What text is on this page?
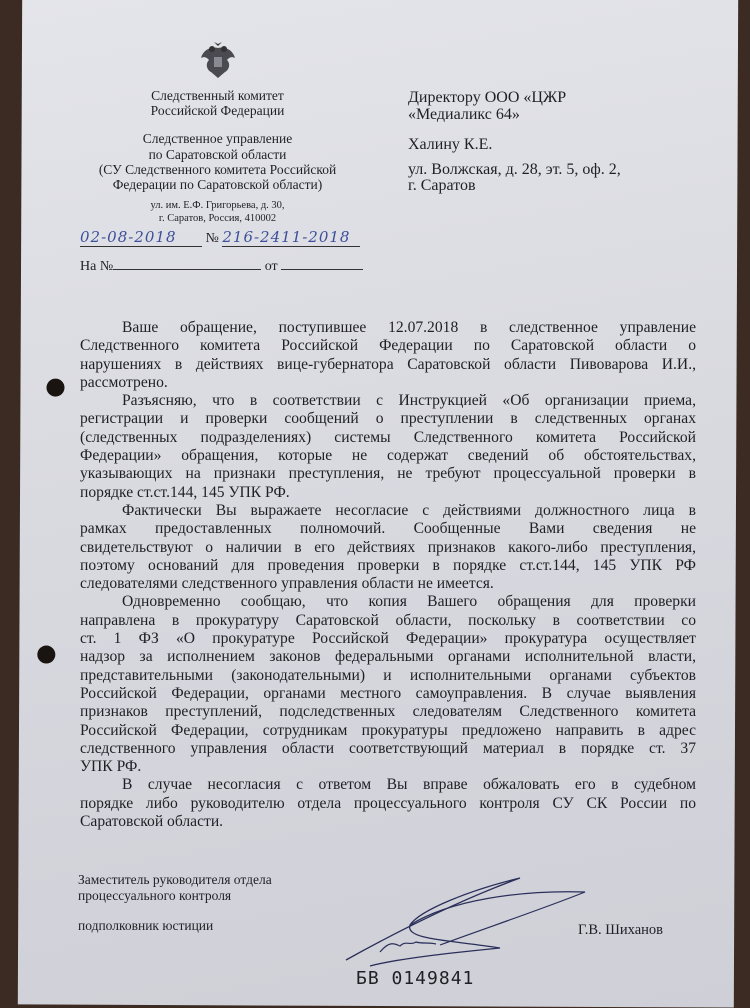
Следственный комитет
Российской Федерации
Следственное управление
по Саратовской области
(СУ Следственного комитета Российской
Федерации по Саратовской области)
ул. им. Е.Ф. Григорьева, д. 30,
г. Саратов, Россия, 410002
02-08-2018 № 216-2411-2018
На №	от
Директору ООО «ЦЖР
«Медиаликс 64»
Халину К.Е.
ул. Волжская, д. 28, эт. 5, оф. 2,
г. Саратов
Ваше обращение, поступившее 12.07.2018 в следственное управление
Следственного комитета Российской Федерации по Саратовской области о
нарушениях в действиях вице-губернатора Саратовской области Пивоварова И.И.,
рассмотрено.
Разъясняю, что в соответствии с Инструкцией «Об организации приема,
регистрации и проверки сообщений о преступлении в следственных органах
(следственных подразделениях) системы Следственного комитета Российской
Федерации» обращения, которые не содержат сведений об обстоятельствах,
указывающих на признаки преступления, не требуют процессуальной проверки в
порядке ст.ст.144, 145 УПК РФ.
Фактически Вы выражаете несогласие с действиями должностного лица в
рамках предоставленных полномочий. Сообщенные Вами сведения не
свидетельствуют о наличии в его действиях признаков какого-либо преступления,
поэтому оснований для проведения проверки в порядке ст.ст.144, 145 УПК РФ
следователями следственного управления области не имеется.
Одновременно сообщаю, что копия Вашего обращения для проверки
направлена в прокуратуру Саратовской области, поскольку в соответствии со
ст. 1 ФЗ «О прокуратуре Российской Федерации» прокуратура осуществляет
надзор за исполнением законов федеральными органами исполнительной власти,
представительными (законодательными) и исполнительными органами субъектов
Российской Федерации, органами местного самоуправления. В случае выявления
признаков преступлений, подследственных следователям Следственного комитета
Российской Федерации, сотрудникам прокуратуры предложено направить в адрес
следственного управления области соответствующий материал в порядке ст. 37
УПК РФ.
В случае несогласия с ответом Вы вправе обжаловать его в судебном
порядке либо руководителю отдела процессуального контроля СУ СК России по
Саратовской области.
Заместитель руководителя отдела
процессуального контроля
подполковник юстиции	Г.В. Шиханов
БВ 0149841
